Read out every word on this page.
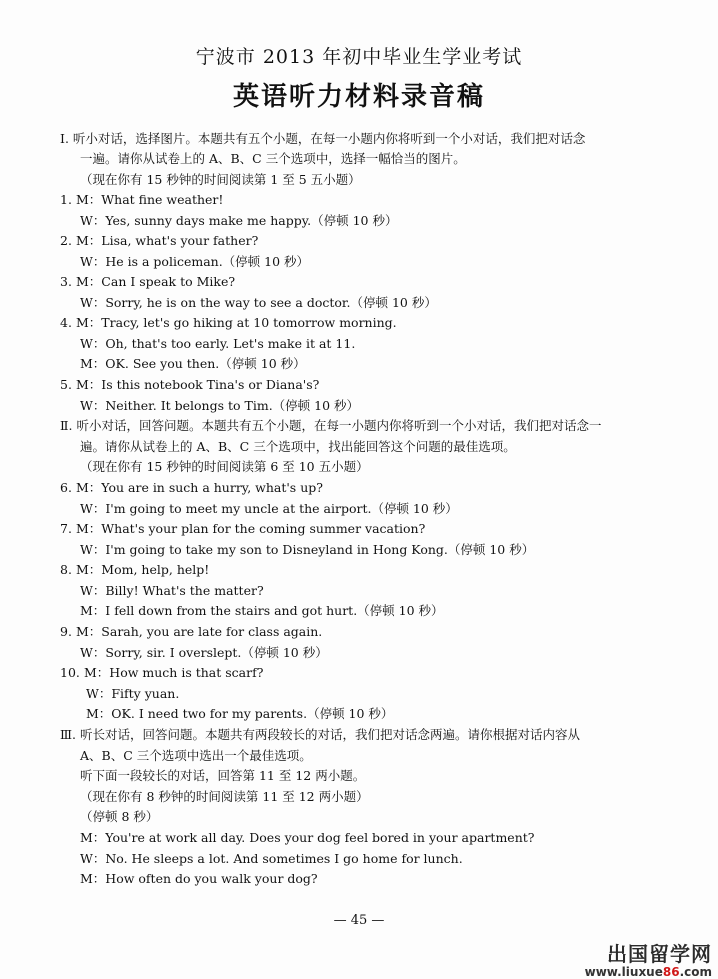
宁波市 2013 年初中毕业生学业考试
英语听力材料录音稿
Ⅰ. 听小对话，选择图片。本题共有五个小题，在每一小题内你将听到一个小对话，我们把对话念
一遍。请你从试卷上的 A、B、C 三个选项中，选择一幅恰当的图片。
（现在你有 15 秒钟的时间阅读第 1 至 5 五小题）
1. M：What fine weather!
W：Yes, sunny days make me happy.（停顿 10 秒）
2. M：Lisa, what's your father?
W：He is a policeman.（停顿 10 秒）
3. M：Can I speak to Mike?
W：Sorry, he is on the way to see a doctor.（停顿 10 秒）
4. M：Tracy, let's go hiking at 10 tomorrow morning.
W：Oh, that's too early. Let's make it at 11.
M：OK. See you then.（停顿 10 秒）
5. M：Is this notebook Tina's or Diana's?
W：Neither. It belongs to Tim.（停顿 10 秒）
Ⅱ. 听小对话，回答问题。本题共有五个小题，在每一小题内你将听到一个小对话，我们把对话念一
遍。请你从试卷上的 A、B、C 三个选项中，找出能回答这个问题的最佳选项。
（现在你有 15 秒钟的时间阅读第 6 至 10 五小题）
6. M：You are in such a hurry, what's up?
W：I'm going to meet my uncle at the airport.（停顿 10 秒）
7. M：What's your plan for the coming summer vacation?
W：I'm going to take my son to Disneyland in Hong Kong.（停顿 10 秒）
8. M：Mom, help, help!
W：Billy! What's the matter?
M：I fell down from the stairs and got hurt.（停顿 10 秒）
9. M：Sarah, you are late for class again.
W：Sorry, sir. I overslept.（停顿 10 秒）
10. M：How much is that scarf?
W：Fifty yuan.
M：OK. I need two for my parents.（停顿 10 秒）
Ⅲ. 听长对话，回答问题。本题共有两段较长的对话，我们把对话念两遍。请你根据对话内容从
A、B、C 三个选项中选出一个最佳选项。
听下面一段较长的对话，回答第 11 至 12 两小题。
（现在你有 8 秒钟的时间阅读第 11 至 12 两小题）
（停顿 8 秒）
M：You're at work all day. Does your dog feel bored in your apartment?
W：No. He sleeps a lot. And sometimes I go home for lunch.
M：How often do you walk your dog?
— 45 —
出国留学网
www.liuxue86.com
